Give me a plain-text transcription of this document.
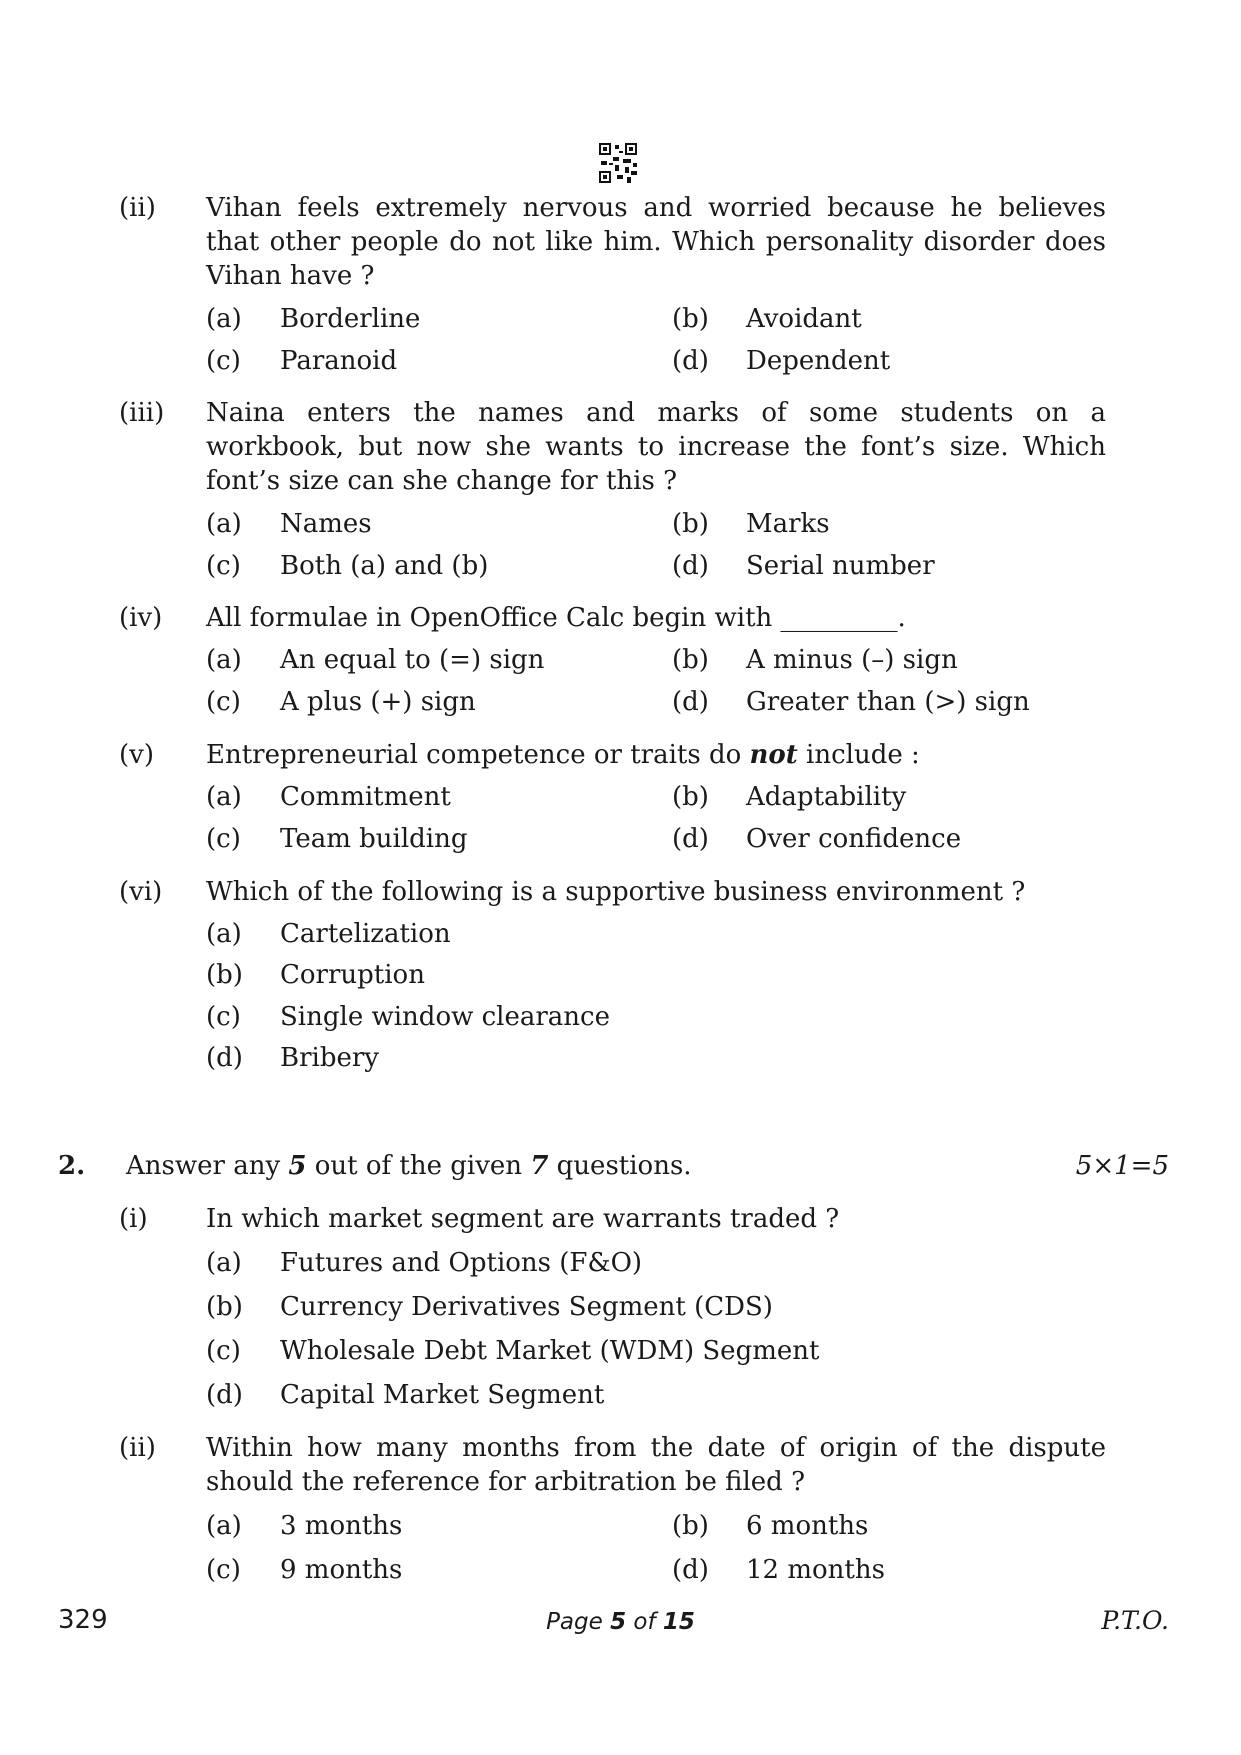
(ii) Vihan feels extremely nervous and worried because he believes that other people do not like him. Which personality disorder does Vihan have ?
(a) Borderline	(b) Avoidant
(c) Paranoid	(d) Dependent
(iii) Naina enters the names and marks of some students on a workbook, but now she wants to increase the font’s size. Which font’s size can she change for this ?
(a) Names	(b) Marks
(c) Both (a) and (b)	(d) Serial number
(iv) All formulae in OpenOffice Calc begin with _________.
(a) An equal to (=) sign	(b) A minus (–) sign
(c) A plus (+) sign	(d) Greater than (>) sign
(v) Entrepreneurial competence or traits do not include :
(a) Commitment	(b) Adaptability
(c) Team building	(d) Over confidence
(vi) Which of the following is a supportive business environment ?
(a) Cartelization
(b) Corruption
(c) Single window clearance
(d) Bribery
2. Answer any 5 out of the given 7 questions.	5×1=5
(i) In which market segment are warrants traded ?
(a) Futures and Options (F&O)
(b) Currency Derivatives Segment (CDS)
(c) Wholesale Debt Market (WDM) Segment
(d) Capital Market Segment
(ii) Within how many months from the date of origin of the dispute should the reference for arbitration be filed ?
(a) 3 months	(b) 6 months
(c) 9 months	(d) 12 months
329	Page 5 of 15	P.T.O.
